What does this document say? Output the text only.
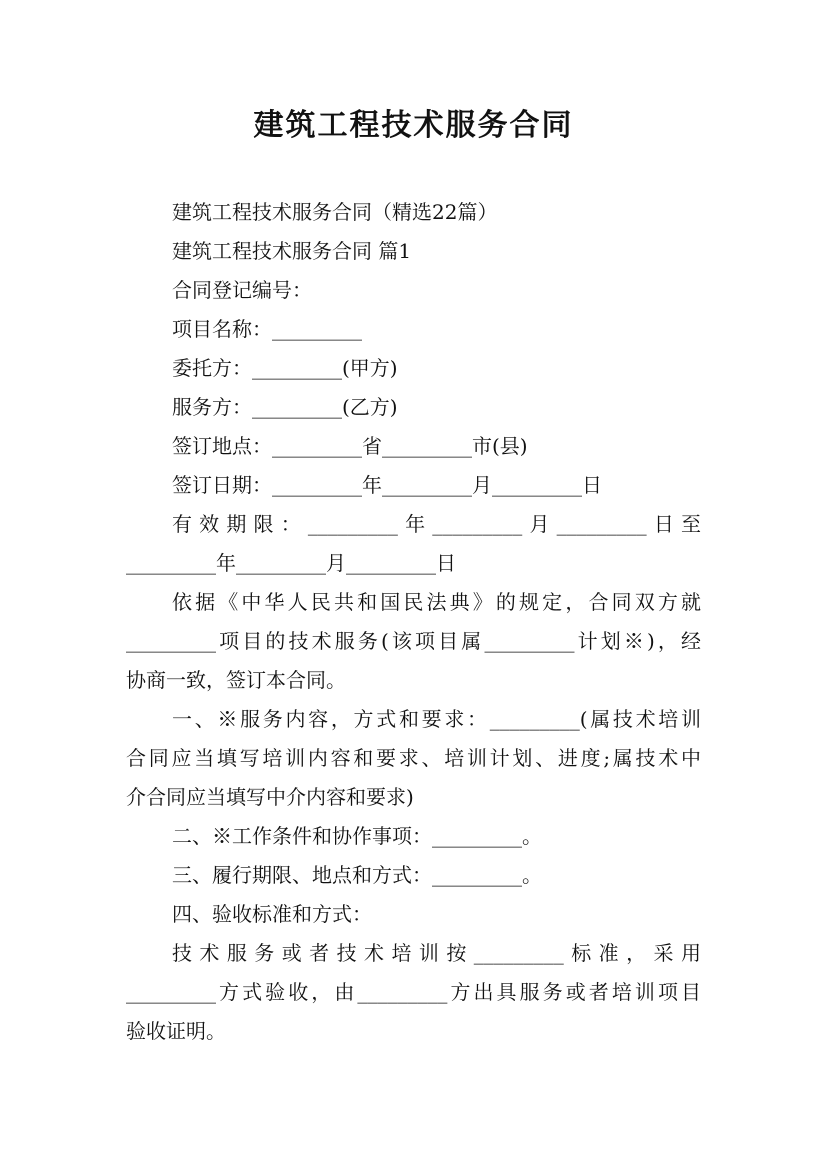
建筑工程技术服务合同
建筑工程技术服务合同（精选22篇）
建筑工程技术服务合同 篇1
合同登记编号：
项目名称：_________
委托方：_________(甲方)
服务方：_________(乙方)
签订地点：_________省_________市(县)
签订日期：_________年_________月_________日
有效期限：_________年_________月_________日至
_________年_________月_________日
依据《中华人民共和国民法典》的规定，合同双方就
_________项目的技术服务(该项目属_________计划※)，经
协商一致，签订本合同。
一、※服务内容，方式和要求：_________(属技术培训
合同应当填写培训内容和要求、培训计划、进度;属技术中
介合同应当填写中介内容和要求)
二、※工作条件和协作事项：_________。
三、履行期限、地点和方式：_________。
四、验收标准和方式：
技术服务或者技术培训按_________标准，采用
_________方式验收，由_________方出具服务或者培训项目
验收证明。
